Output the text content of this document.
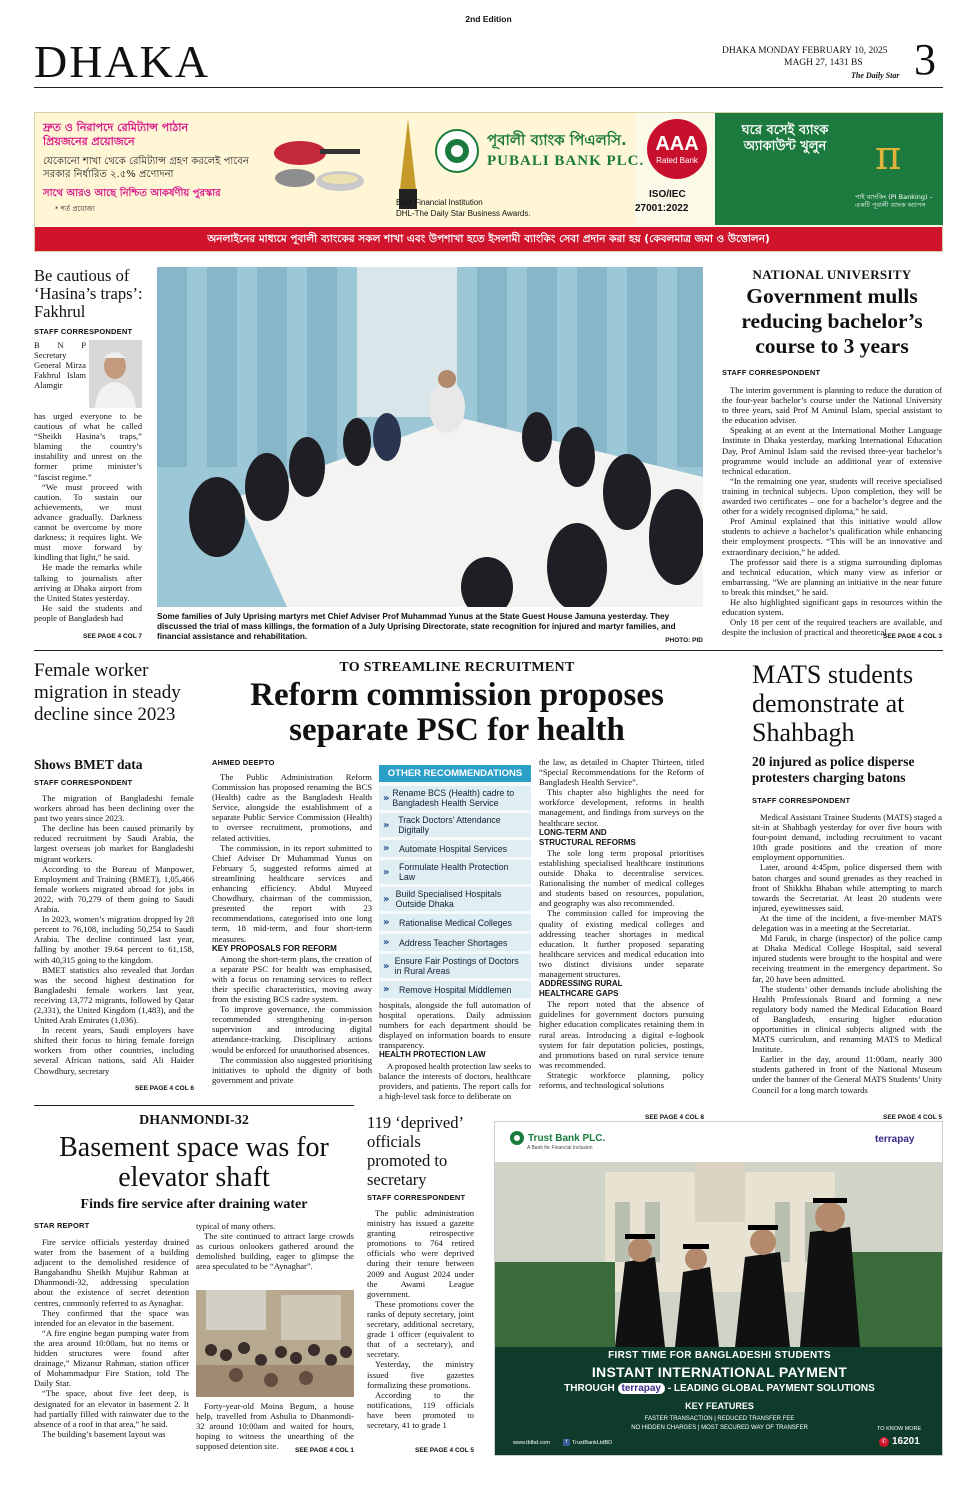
2nd Edition
DHAKA	DHAKA MONDAY FEBRUARY 10, 2025
MAGH 27, 1431 BS
The Daily Star 3
দ্রুত ও নিরাপদে রেমিট্যান্স পাঠান প্রিয়জনের প্রয়োজনে
যেকোনো শাখা থেকে রেমিট্যান্স গ্রহণ করলেই পাবেন সরকার নির্ধারিত ২.৫% প্রণোদনা
সাথে আরও আছে নিশ্চিত আকর্ষণীয় পুরস্কার
* শর্ত প্রযোজ্য
পূবালী ব্যাংক পিএলসি.
PUBALI BANK PLC.
Best Financial Institution
DHL-The Daily Star Business Awards.
AAA
Rated Bank
ISO/IEC
27001:2022
ঘরে বসেই ব্যাংক অ্যাকাউন্ট খুলুন	π
পাই ব্যাংকিং (PI Banking) – একটি পূবালী ব্যাংক অ্যাপস
অনলাইনের মাধ্যমে পূবালী ব্যাংকের সকল শাখা এবং উপশাখা হতে ইসলামী ব্যাংকিং সেবা প্রদান করা হয় (কেবলমাত্র জমা ও উত্তোলন)
Be cautious of ‘Hasina’s traps’: Fakhrul
STAFF CORRESPONDENT
B N P Secretary General Mirza Fakhrul Islam Alamgir

has urged everyone to be cautious of what he called “Sheikh Hasina’s traps,” blaming the country’s instability and unrest on the former prime minister’s “fascist regime.”

“We must proceed with caution. To sustain our achievements, we must advance gradually. Darkness cannot be overcome by more darkness; it requires light. We must move forward by kindling that light,” he said.

He made the remarks while talking to journalists after arriving at Dhaka airport from the United States yesterday.

He said the students and people of Bangladesh had

SEE PAGE 4 COL 7
Some families of July Uprising martyrs met Chief Adviser Prof Muhammad Yunus at the State Guest House Jamuna yesterday. They discussed the trial of mass killings, the formation of a July Uprising Directorate, state recognition for injured and martyr families, and financial assistance and rehabilitation.	PHOTO: PID
NATIONAL UNIVERSITY
Government mulls reducing bachelor’s course to 3 years
STAFF CORRESPONDENT

The interim government is planning to reduce the duration of the four-year bachelor’s course under the National University to three years, said Prof M Aminul Islam, special assistant to the education adviser.

Speaking at an event at the International Mother Language Institute in Dhaka yesterday, marking International Education Day, Prof Aminul Islam said the revised three-year bachelor’s programme would include an additional year of extensive technical education.

“In the remaining one year, students will receive specialised training in technical subjects. Upon completion, they will be awarded two certificates – one for a bachelor’s degree and the other for a widely recognised diploma,” he said.

Prof Aminul explained that this initiative would allow students to achieve a bachelor’s qualification while enhancing their employment prospects. “This will be an innovative and extraordinary decision,” he added.

The professor said there is a stigma surrounding diplomas and technical education, which many view as inferior or embarrassing. “We are planning an initiative in the near future to break this mindset,” he said.

He also highlighted significant gaps in resources within the education system.

Only 18 per cent of the required teachers are available, and despite the inclusion of practical and theoretical

SEE PAGE 4 COL 3
Female worker migration in steady decline since 2023
Shows BMET data
STAFF CORRESPONDENT

The migration of Bangladeshi female workers abroad has been declining over the past two years since 2023.

The decline has been caused primarily by reduced recruitment by Saudi Arabia, the largest overseas job market for Bangladeshi migrant workers.

According to the Bureau of Manpower, Employment and Training (BMET), 1,05,466 female workers migrated abroad for jobs in 2022, with 70,279 of them going to Saudi Arabia.

In 2023, women’s migration dropped by 28 percent to 76,108, including 50,254 to Saudi Arabia. The decline continued last year, falling by another 19.64 percent to 61,158, with 40,315 going to the kingdom.

BMET statistics also revealed that Jordan was the second highest destination for Bangladeshi female workers last year, receiving 13,772 migrants, followed by Qatar (2,331), the United Kingdom (1,483), and the United Arab Emirates (1,036).

In recent years, Saudi employers have shifted their focus to hiring female foreign workers from other countries, including several African nations, said Ali Haider Chowdhury, secretary

SEE PAGE 4 COL 6
TO STREAMLINE RECRUITMENT
Reform commission proposes separate PSC for health
AHMED DEEPTO

The Public Administration Reform Commission has proposed renaming the BCS (Health) cadre as the Bangladesh Health Service, alongside the establishment of a separate Public Service Commission (Health) to oversee recruitment, promotions, and related activities.

The commission, in its report submitted to Chief Adviser Dr Muhammad Yunus on February 5, suggested reforms aimed at streamlining healthcare services and enhancing efficiency. Abdul Muyeed Chowdhury, chairman of the commission, presented the report with 23 recommendations, categorised into one long term, 18 mid-term, and four short-term measures.

KEY PROPOSALS FOR REFORM

Among the short-term plans, the creation of a separate PSC for health was emphasised, with a focus on renaming services to reflect their specific characteristics, moving away from the existing BCS cadre system.

To improve governance, the commission recommended strengthening in-person supervision and introducing digital attendance-tracking. Disciplinary actions would be enforced for unauthorised absences.

The commission also suggested prioritising initiatives to uphold the dignity of both government and private

OTHER RECOMMENDATIONS
» Rename BCS (Health) cadre to Bangladesh Health Service
» Track Doctors’ Attendance Digitally
»	Automate Hospital Services
»	Formulate Health Protection Law
» Build Specialised Hospitals Outside Dhaka
»	Rationalise Medical Colleges
»	Address Teacher Shortages
» Ensure Fair Postings of Doctors in Rural Areas
»	Remove Hospital Middlemen

hospitals, alongside the full automation of hospital operations. Daily admission numbers for each department should be displayed on information boards to ensure transparency.

HEALTH PROTECTION LAW

A proposed health protection law seeks to balance the interests of doctors, healthcare providers, and patients. The report calls for a high-level task force to deliberate on

the law, as detailed in Chapter Thirteen, titled “Special Recommendations for the Reform of Bangladesh Health Service”.

This chapter also highlights the need for workforce development, reforms in health management, and findings from surveys on the healthcare sector.

LONG-TERM AND
STRUCTURAL REFORMS

The sole long term proposal prioritises establishing specialised healthcare institutions outside Dhaka to decentralise services. Rationalising the number of medical colleges and students based on resources, population, and geography was also recommended.

The commission called for improving the quality of existing medical colleges and addressing teacher shortages in medical education. It further proposed separating healthcare services and medical education into two distinct divisions under separate management structures.

ADDRESSING RURAL
HEALTHCARE GAPS

The report noted that the absence of guidelines for government doctors pursuing higher education complicates retaining them in rural areas. Introducing a digital e-logbook system for fair deputation policies, postings, and promotions based on rural service tenure was recommended.

Strategic workforce planning, policy reforms, and technological solutions

SEE PAGE 4 COL 8
MATS students demonstrate at Shahbagh
20 injured as police disperse protesters charging batons
STAFF CORRESPONDENT

Medical Assistant Trainee Students (MATS) staged a sit-in at Shahbagh yesterday for over five hours with four-point demand, including recruitment to vacant 10th grade positions and the creation of more employment opportunities.

Later, around 4:45pm, police dispersed them with baton charges and sound grenades as they reached in front of Shikkha Bhaban while attempting to march towards the Secretariat. At least 20 students were injured, eyewitnesses said.

At the time of the incident, a five-member MATS delegation was in a meeting at the Secretariat.

Md Faruk, in charge (inspector) of the police camp at Dhaka Medical College Hospital, said several injured students were brought to the hospital and were receiving treatment in the emergency department. So far, 20 have been admitted.

The students’ other demands include abolishing the Health Professionals Board and forming a new regulatory body named the Medical Education Board of Bangladesh, ensuring higher education opportunities in clinical subjects aligned with the MATS curriculum, and renaming MATS to Medical Institute.

Earlier in the day, around 11:00am, nearly 300 students gathered in front of the National Museum under the banner of the General MATS Students’ Unity Council for a long march towards

SEE PAGE 4 COL 5
DHANMONDI-32
Basement space was for elevator shaft
Finds fire service after draining water
STAR REPORT

Fire service officials yesterday drained water from the basement of a building adjacent to the demolished residence of Bangabandhu Sheikh Mujibur Rahman at Dhanmondi-32, addressing speculation about the existence of secret detention centres, commonly referred to as Aynaghar.

They confirmed that the space was intended for an elevator in the basement.

“A fire engine began pumping water from the area around 10:00am, but no items or hidden structures were found after drainage,” Mizanur Rahman, station officer of Mohammadpur Fire Station, told The Daily Star.

“The space, about five feet deep, is designated for an elevator in basement 2. It had partially filled with rainwater due to the absence of a roof in that area,” he said.

The building’s basement layout was

typical of many others.

The site continued to attract large crowds as curious onlookers gathered around the demolished building, eager to glimpse the area speculated to be “Aynaghar”.

Forty-year-old Moina Begum, a house help, travelled from Ashulia to Dhanmondi-32 around 10:00am and waited for hours, hoping to witness the unearthing of the supposed detention site.	SEE PAGE 4 COL 1
119 ‘deprived’ officials promoted to secretary
STAFF CORRESPONDENT

The public administration ministry has issued a gazette granting retrospective promotions to 764 retired officials who were deprived during their tenure between 2009 and August 2024 under the Awami League government.

These promotions cover the ranks of deputy secretary, joint secretary, additional secretary, grade 1 officer (equivalent to that of a secretary), and secretary.

Yesterday, the ministry issued five gazettes formalizing these promotions.

According to the notifications, 119 officials have been promoted to secretary, 41 to grade 1

SEE PAGE 4 COL 5
Trust Bank PLC.
A Bank for Financial Inclusion
terrapay
FIRST TIME FOR BANGLADESHI STUDENTS
INSTANT INTERNATIONAL PAYMENT
THROUGH terrapay - LEADING GLOBAL PAYMENT SOLUTIONS
KEY FEATURES
FASTER TRANSACTION | REDUCED TRANSFER FEE
NO HIDDEN CHARGES | MOST SECURED WAY OF TRANSFER
www.tblbd.com	f TrustBankLtdBD
TO KNOW MORE
✆ 16201
